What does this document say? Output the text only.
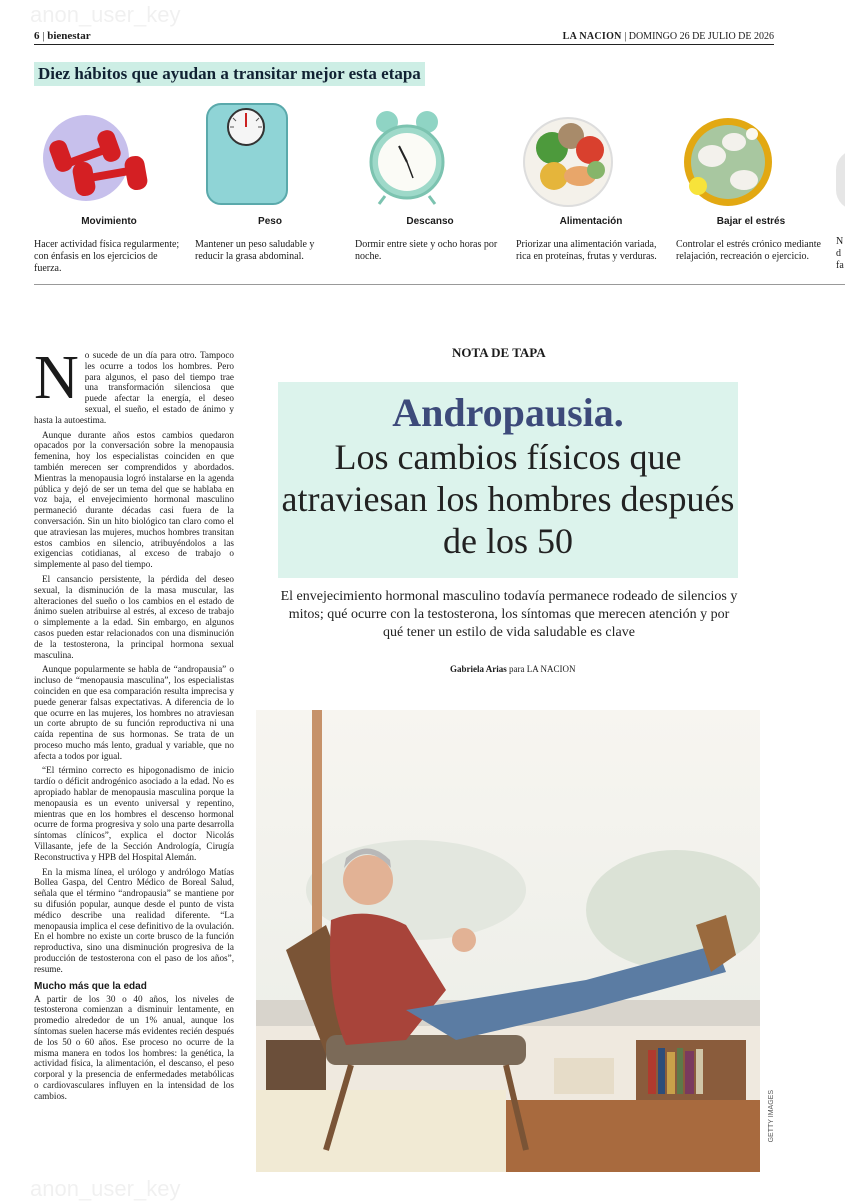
anon_user_key
anon_user_key
6 | bienestar	LA NACION | DOMINGO 26 DE JULIO DE 2026
Diez hábitos que ayudan a transitar mejor esta etapa
Movimiento
Hacer actividad física regularmente; con énfasis en los ejercicios de fuerza.
Peso
Mantener un peso saludable y reducir la grasa abdominal.
Descanso
Dormir entre siete y ocho horas por noche.
Alimentación
Priorizar una alimentación variada, rica en proteínas, frutas y verduras.
Bajar el estrés
Controlar el estrés crónico mediante relajación, recreación o ejercicio.
N
d
fa
NOTA DE TAPA
Andropausia.
Los cambios físicos que atraviesan los hombres después de los 50
El envejecimiento hormonal masculino todavía permanece rodeado de silencios y mitos; qué ocurre con la testosterona, los síntomas que merecen atención y por qué tener un estilo de vida saludable es clave
Gabriela Arias para LA NACION

No sucede de un día para otro. Tampoco les ocurre a todos los hombres. Pero para algunos, el paso del tiempo trae una transformación silenciosa que puede afectar la energía, el deseo sexual, el sueño, el estado de ánimo y hasta la autoestima.

Aunque durante años estos cambios quedaron opacados por la conversación sobre la menopausia femenina, hoy los especialistas coinciden en que también merecen ser comprendidos y abordados. Mientras la menopausia logró instalarse en la agenda pública y dejó de ser un tema del que se hablaba en voz baja, el envejecimiento hormonal masculino permaneció durante décadas casi fuera de la conversación. Sin un hito biológico tan claro como el que atraviesan las mujeres, muchos hombres transitan estos cambios en silencio, atribuyéndolos a las exigencias cotidianas, al exceso de trabajo o simplemente al paso del tiempo.

El cansancio persistente, la pérdida del deseo sexual, la disminución de la masa muscular, las alteraciones del sueño o los cambios en el estado de ánimo suelen atribuirse al estrés, al exceso de trabajo o simplemente a la edad. Sin embargo, en algunos casos pueden estar relacionados con una disminución de la testosterona, la principal hormona sexual masculina.

Aunque popularmente se habla de “andropausia” o incluso de “menopausia masculina”, los especialistas coinciden en que esa comparación resulta imprecisa y puede generar falsas expectativas. A diferencia de lo que ocurre en las mujeres, los hombres no atraviesan un corte abrupto de su función reproductiva ni una caída repentina de sus hormonas. Se trata de un proceso mucho más lento, gradual y variable, que no afecta a todos por igual.

“El término correcto es hipogonadismo de inicio tardío o déficit androgénico asociado a la edad. No es apropiado hablar de menopausia masculina porque la menopausia es un evento universal y repentino, mientras que en los hombres el descenso hormonal ocurre de forma progresiva y solo una parte desarrolla síntomas clínicos”, explica el doctor Nicolás Villasante, jefe de la Sección Andrología, Cirugía Reconstructiva y HPB del Hospital Alemán.

En la misma línea, el urólogo y andrólogo Matías Bollea Gaspa, del Centro Médico de Boreal Salud, señala que el término “andropausia” se mantiene por su difusión popular, aunque desde el punto de vista médico describe una realidad diferente. “La menopausia implica el cese definitivo de la ovulación. En el hombre no existe un corte brusco de la función reproductiva, sino una disminución progresiva de la producción de testosterona con el paso de los años”, resume.

Mucho más que la edad

A partir de los 30 o 40 años, los niveles de testosterona comienzan a disminuir lentamente, en promedio alrededor de un 1% anual, aunque los síntomas suelen hacerse más evidentes recién después de los 50 o 60 años. Ese proceso no ocurre de la misma manera en todos los hombres: la genética, la actividad física, la alimentación, el descanso, el peso corporal y la presencia de enfermedades metabólicas o cardiovasculares influyen en la intensidad de los cambios.	GETTY IMAGES
